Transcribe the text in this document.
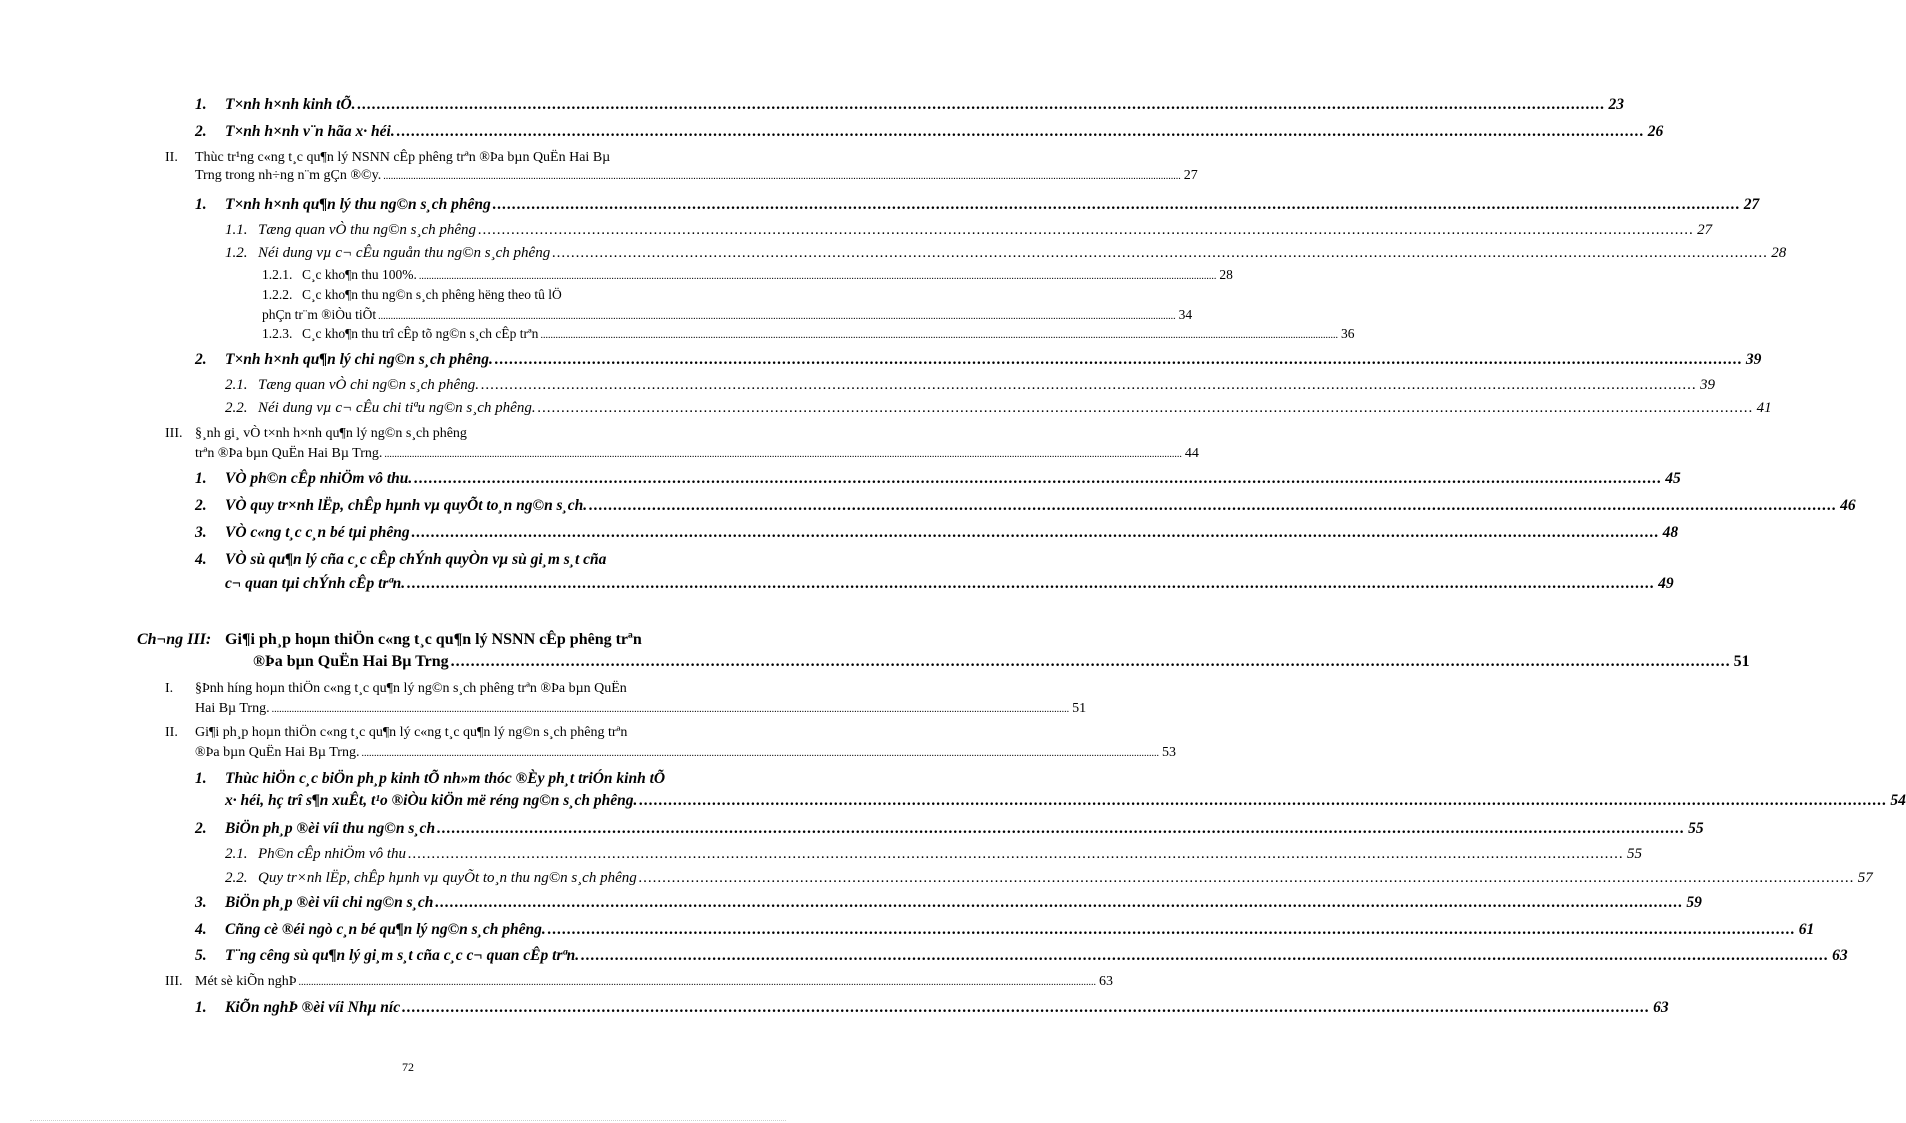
1.	T×nh h×nh kinh tÕ. .....	23
2.	T×nh h×nh v¨n hãa x· héi. .....	26
II.	Thùc tr¹ng c«ng t¸c qu¶n lý NSNN cÊp phêng trªn ®Þa bµn QuËn Hai Bµ
Trng trong nh÷ng n¨m gÇn ®©y. .....	27
1.	T×nh h×nh qu¶n lý thu ng©n s¸ch phêng .....	27
1.1. Tæng quan vÒ thu ng©n s¸ch phêng .....	27
1.2. Néi dung vµ c¬ cÊu nguån thu ng©n s¸ch phêng .....	28
1.2.1. C¸c kho¶n thu 100%. .....	28
1.2.2. C¸c kho¶n thu ng©n s¸ch phêng hëng theo tû lÖ
phÇn tr¨m ®iÒu tiÕt .....	34
1.2.3. C¸c kho¶n thu trî cÊp tõ ng©n s¸ch cÊp trªn .....	36
2.	T×nh h×nh qu¶n lý chi ng©n s¸ch phêng. .....	39
2.1. Tæng quan vÒ chi ng©n s¸ch phêng. .....	39
2.2. Néi dung vµ c¬ cÊu chi tiªu ng©n s¸ch phêng. .....	41
III. §¸nh gi¸ vÒ t×nh h×nh qu¶n lý ng©n s¸ch phêng
trªn ®Þa bµn QuËn Hai Bµ Trng. .....	44
1.	VÒ ph©n cÊp nhiÖm vô thu. .....	45
2.	VÒ quy tr×nh lËp, chÊp hµnh vµ quyÕt to¸n ng©n s¸ch. .....	46
3.	VÒ c«ng t¸c c¸n bé tµi phêng .....	48
4.	VÒ sù qu¶n lý cña c¸c cÊp chÝnh quyÒn vµ sù gi¸m s¸t cña
c¬ quan tµi chÝnh cÊp trªn. .....	49
Ch¬ng III: Gi¶i ph¸p hoµn thiÖn c«ng t¸c qu¶n lý NSNN cÊp phêng trªn
®Þa bµn QuËn Hai Bµ Trng .....	51
I.	§Þnh híng hoµn thiÖn c«ng t¸c qu¶n lý ng©n s¸ch phêng trªn ®Þa bµn QuËn
Hai Bµ Trng. .....	51
II.	Gi¶i ph¸p hoµn thiÖn c«ng t¸c qu¶n lý c«ng t¸c qu¶n lý ng©n s¸ch phêng trªn
®Þa bµn QuËn Hai Bµ Trng. .....	53
1.	Thùc hiÖn c¸c biÖn ph¸p kinh tÕ nh»m thóc ®Èy ph¸t triÓn kinh tÕ
x· héi, hç trî s¶n xuÊt, t¹o ®iÒu kiÖn më réng ng©n s¸ch phêng. .....	54
2.	BiÖn ph¸p ®èi víi thu ng©n s¸ch .....	55
2.1. Ph©n cÊp nhiÖm vô thu .....	55
2.2. Quy tr×nh lËp, chÊp hµnh vµ quyÕt to¸n thu ng©n s¸ch phêng .....	57
3.	BiÖn ph¸p ®èi víi chi ng©n s¸ch .....	59
4.	Cñng cè ®éi ngò c¸n bé qu¶n lý ng©n s¸ch phêng. .....	61
5.	T¨ng cêng sù qu¶n lý gi¸m s¸t cña c¸c c¬ quan cÊp trªn. .....	63
III. Mét sè kiÕn nghÞ .....	63
1.	KiÕn nghÞ ®èi víi Nhµ níc .....	63
72
